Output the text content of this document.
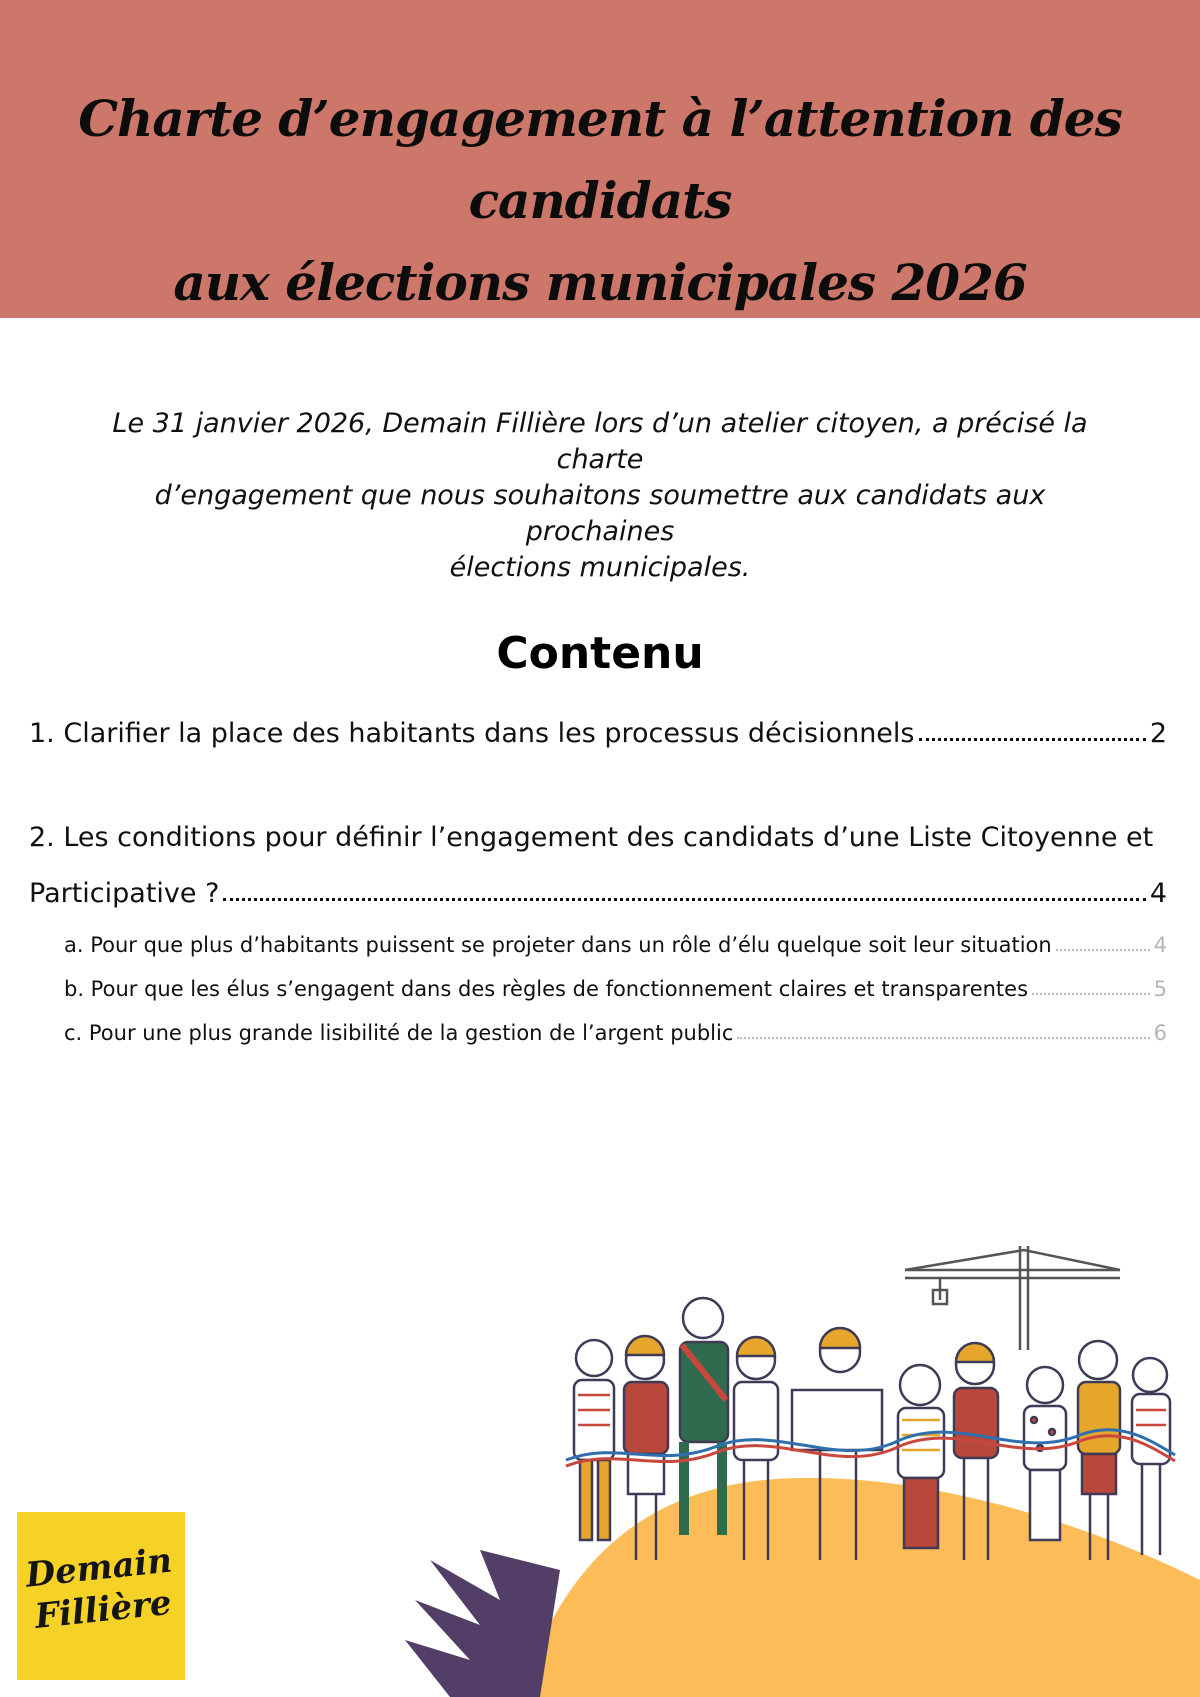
Charte d’engagement à l’attention des candidats
aux élections municipales 2026

Le 31 janvier 2026, Demain Fillière lors d’un atelier citoyen, a précisé la charte
d’engagement que nous souhaitons soumettre aux candidats aux prochaines
élections municipales.

Contenu
1. Clarifier la place des habitants dans les processus décisionnels	2
2. Les conditions pour définir l’engagement des candidats d’une Liste Citoyenne et
Participative ?	4
a. Pour que plus d’habitants puissent se projeter dans un rôle d’élu quelque soit leur situation	4
b. Pour que les élus s’engagent dans des règles de fonctionnement claires et transparentes	5
c. Pour une plus grande lisibilité de la gestion de l’argent public	6
Demain
Fillière
